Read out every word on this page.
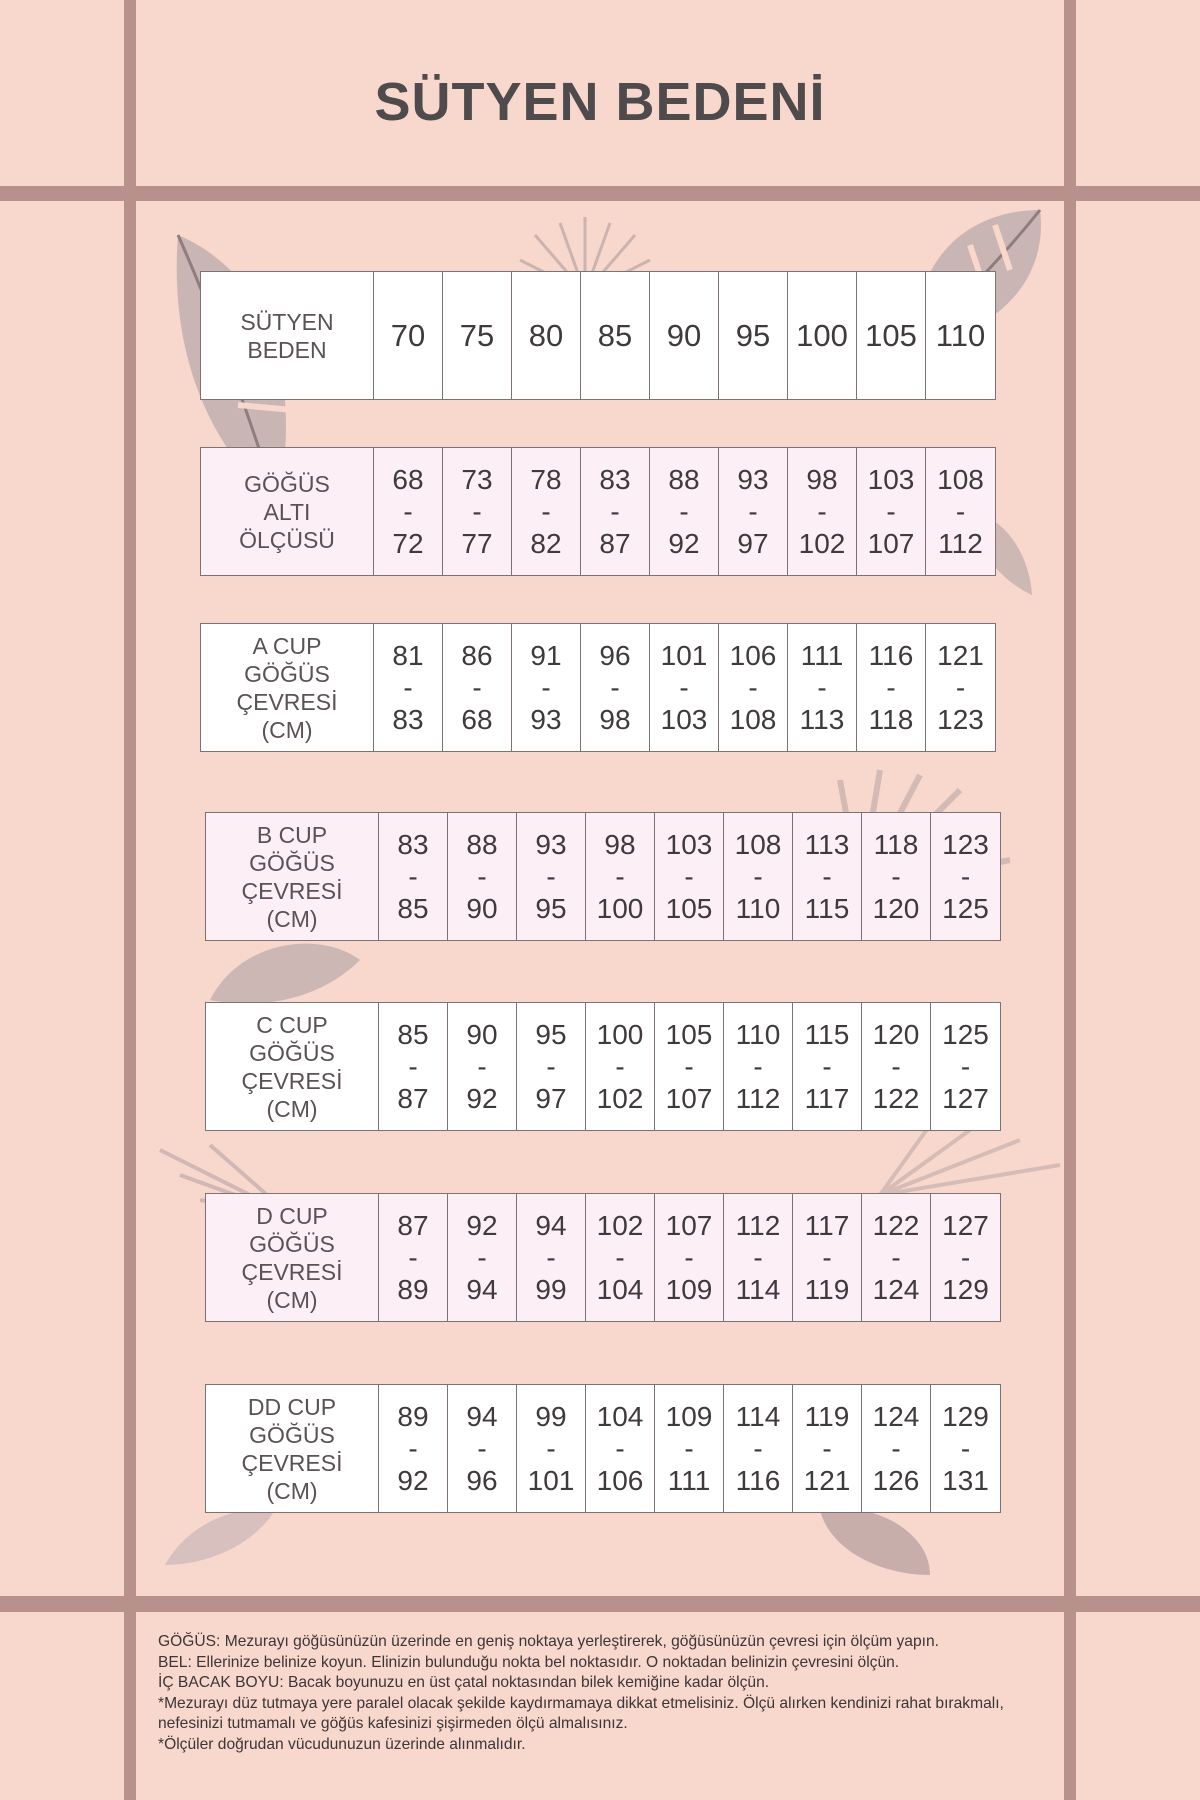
SÜTYEN BEDENİ
SÜTYEN
BEDEN	70 75 80 85 90 95 100 105 110
GÖĞÜS
ALTI
ÖLÇÜSÜ
68
-
72
73
-
77
78
-
82
83
-
87
88
-
92
93
-
97
98
-
102
103
-
107
108
-
112
A CUP
GÖĞÜS
ÇEVRESİ
(CM)
81
-
83
86
-
68
91
-
93
96
-
98
101
-
103
106
-
108
111
-
113
116
-
118
121
-
123
B CUP
GÖĞÜS
ÇEVRESİ
(CM)
83
-
85
88
-
90
93
-
95
98
-
100
103
-
105
108
-
110
113
-
115
118
-
120
123
-
125
C CUP
GÖĞÜS
ÇEVRESİ
(CM)
85
-
87
90
-
92
95
-
97
100
-
102
105
-
107
110
-
112
115
-
117
120
-
122
125
-
127
D CUP
GÖĞÜS
ÇEVRESİ
(CM)
87
-
89
92
-
94
94
-
99
102
-
104
107
-
109
112
-
114
117
-
119
122
-
124
127
-
129
DD CUP
GÖĞÜS
ÇEVRESİ
(CM)
89
-
92
94
-
96
99
-
101
104
-
106
109
-
111
114
-
116
119
-
121
124
-
126
129
-
131

GÖĞÜS: Mezurayı göğüsünüzün üzerinde en geniş noktaya yerleştirerek, göğüsünüzün çevresi için ölçüm yapın.

BEL: Ellerinize belinize koyun. Elinizin bulunduğu nokta bel noktasıdır. O noktadan belinizin çevresini ölçün.

İÇ BACAK BOYU: Bacak boyunuzu en üst çatal noktasından bilek kemiğine kadar ölçün.

*Mezurayı düz tutmaya yere paralel olacak şekilde kaydırmamaya dikkat etmelisiniz. Ölçü alırken kendinizi rahat bırakmalı, nefesinizi tutmamalı ve göğüs kafesinizi şişirmeden ölçü almalısınız.

*Ölçüler doğrudan vücudunuzun üzerinde alınmalıdır.
